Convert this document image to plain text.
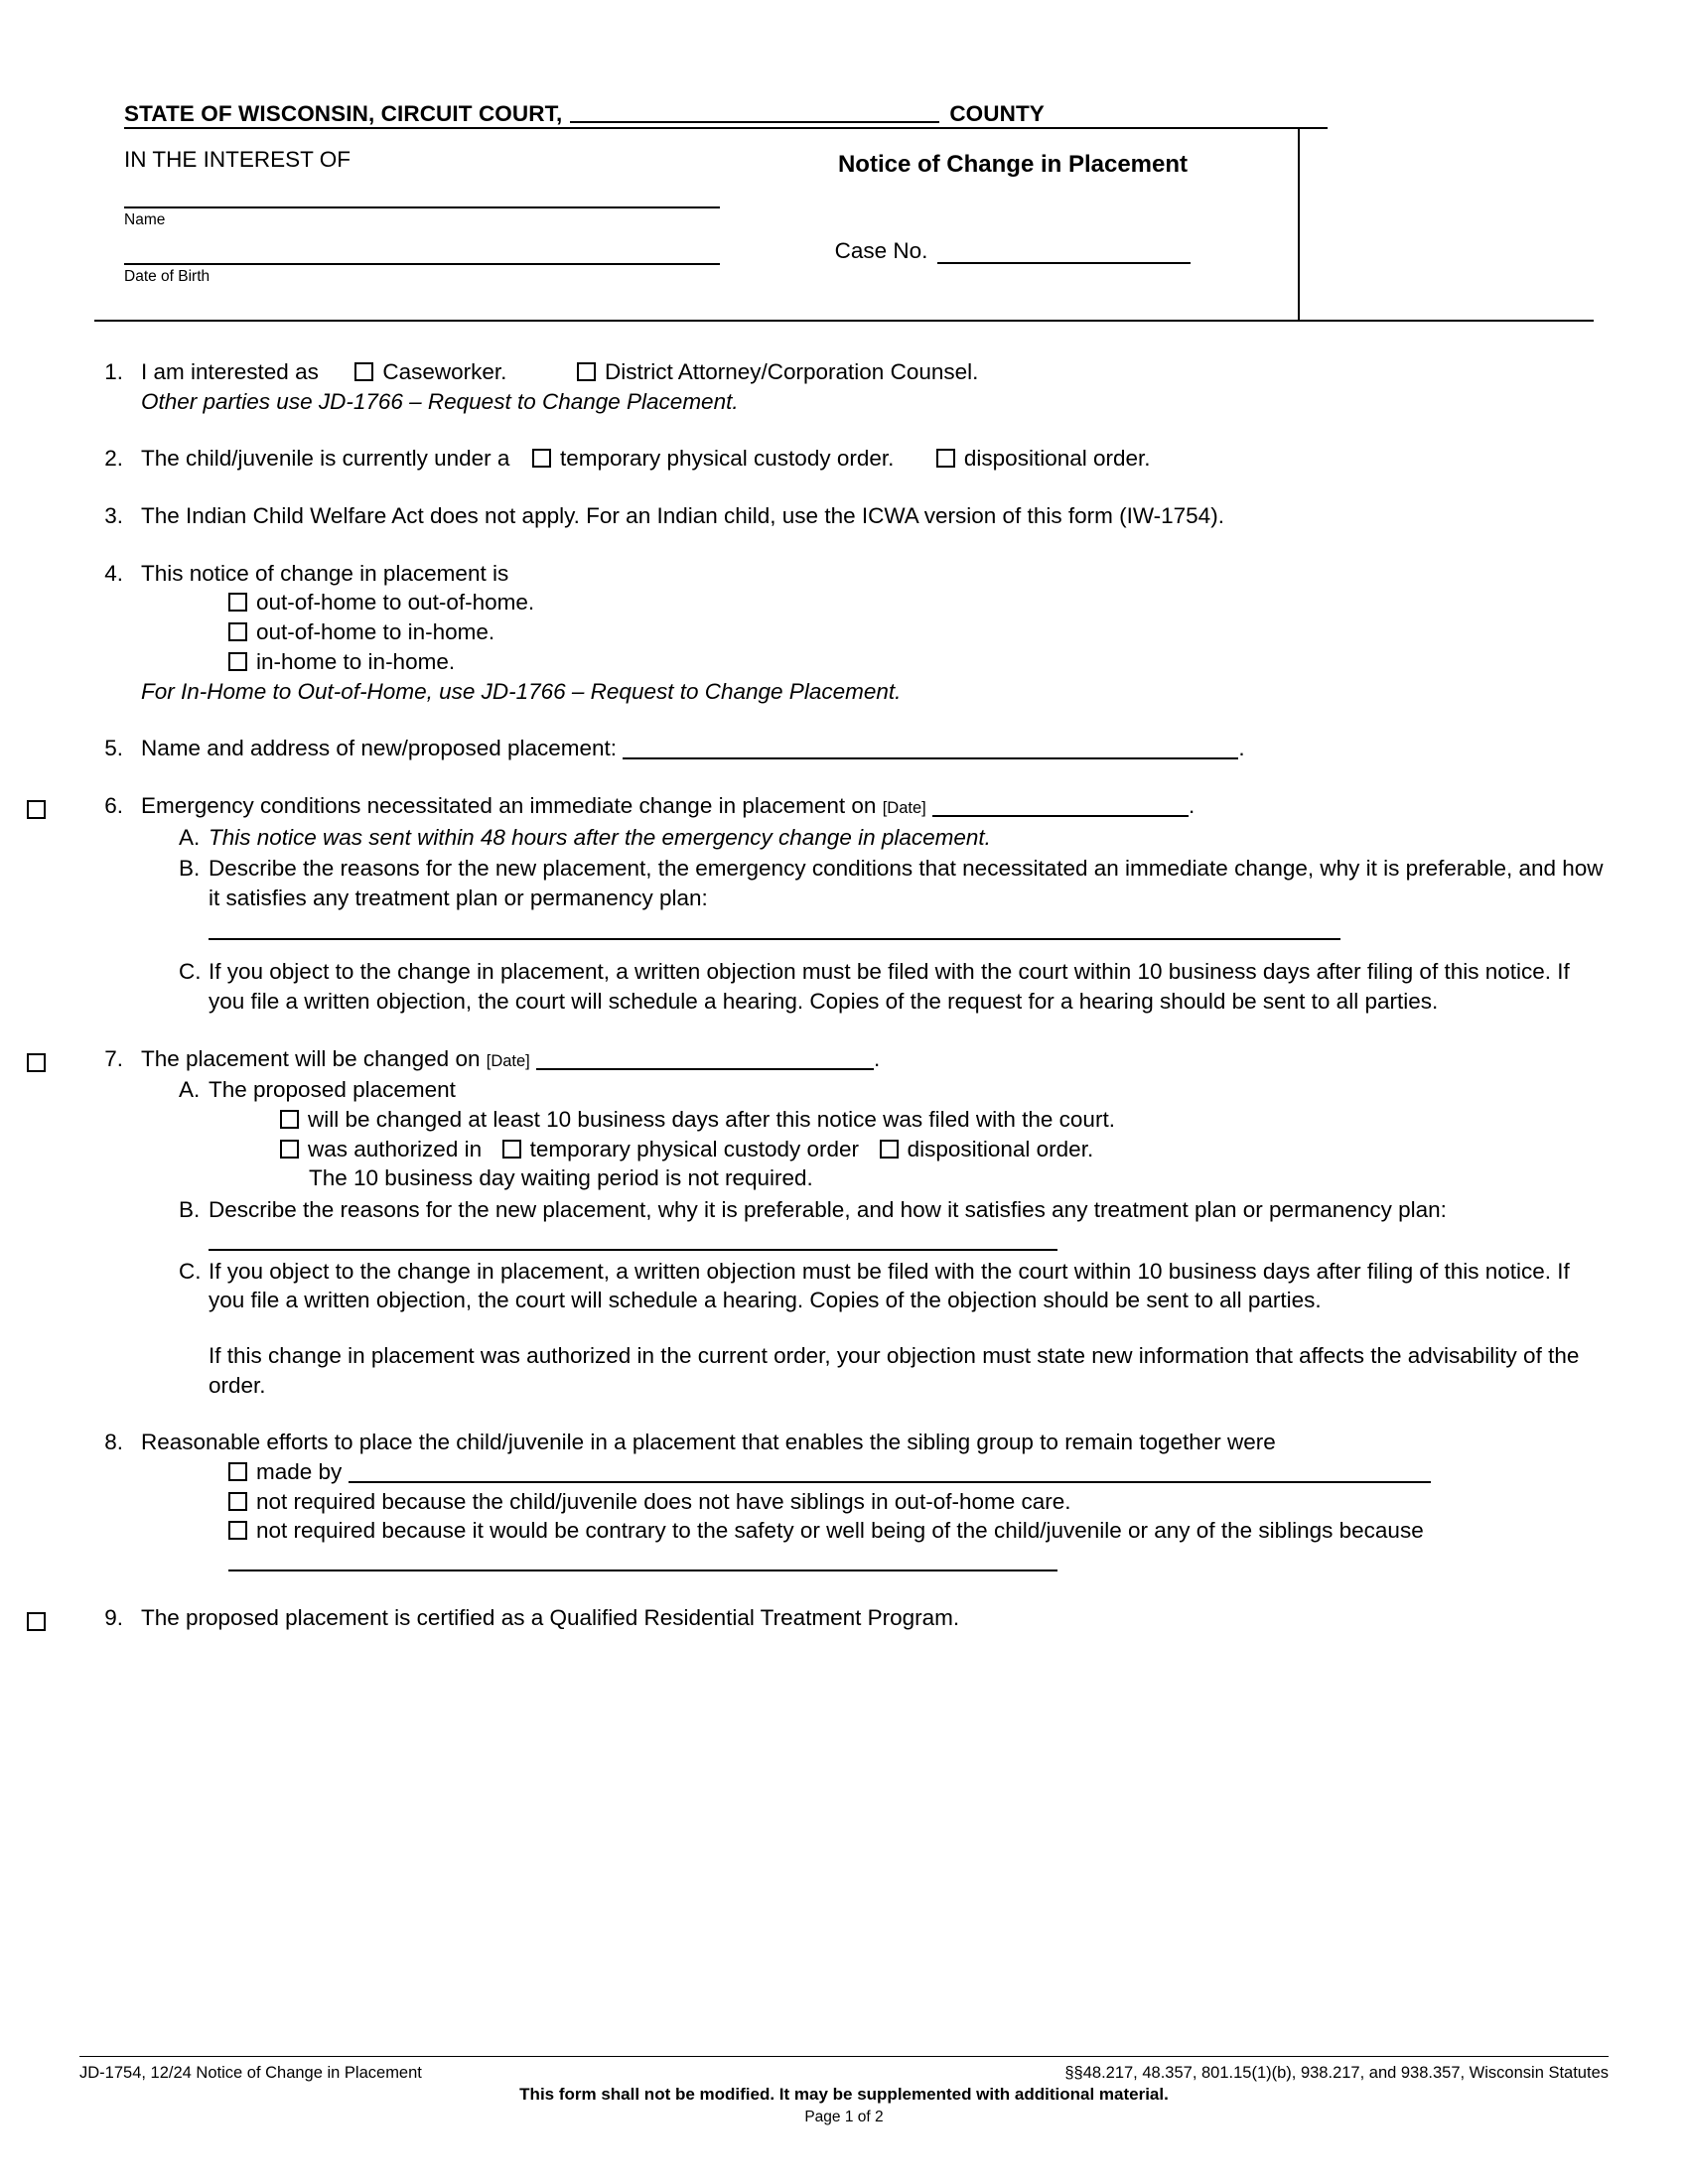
STATE OF WISCONSIN, CIRCUIT COURT,	COUNTY
IN THE INTEREST OF
Name
Date of Birth
Notice of Change in Placement
Case No.
1. I am interested as	Caseworker.	District Attorney/Corporation Counsel.
Other parties use JD-1766 – Request to Change Placement.
2. The child/juvenile is currently under a temporary physical custody order.	dispositional order.
3. The Indian Child Welfare Act does not apply. For an Indian child, use the ICWA version of this form (IW-1754).
4. This notice of change in placement is
out-of-home to out-of-home.
out-of-home to in-home.
in-home to in-home.
For In-Home to Out-of-Home, use JD-1766 – Request to Change Placement.
5. Name and address of new/proposed placement:	.
6. Emergency conditions necessitated an immediate change in placement on [Date]	.
A. This notice was sent within 48 hours after the emergency change in placement.
B. Describe the reasons for the new placement, the emergency conditions that necessitated an immediate change, why it is preferable, and how it satisfies any treatment plan or permanency plan:
C. If you object to the change in placement, a written objection must be filed with the court within 10 business days after filing of this notice. If you file a written objection, the court will schedule a hearing. Copies of the request for a hearing should be sent to all parties.
7. The placement will be changed on [Date]	.
A. The proposed placement
will be changed at least 10 business days after this notice was filed with the court.
was authorized in temporary physical custody order dispositional order.
The 10 business day waiting period is not required.
B. Describe the reasons for the new placement, why it is preferable, and how it satisfies any treatment plan or permanency plan:
C. If you object to the change in placement, a written objection must be filed with the court within 10 business days after filing of this notice. If you file a written objection, the court will schedule a hearing. Copies of the objection should be sent to all parties.
If this change in placement was authorized in the current order, your objection must state new information that affects the advisability of the order.
8. Reasonable efforts to place the child/juvenile in a placement that enables the sibling group to remain together were
made by
not required because the child/juvenile does not have siblings in out-of-home care.
not required because it would be contrary to the safety or well being of the child/juvenile or any of the siblings because
9. The proposed placement is certified as a Qualified Residential Treatment Program.
JD-1754, 12/24 Notice of Change in Placement	§§48.217, 48.357, 801.15(1)(b), 938.217, and 938.357, Wisconsin Statutes
This form shall not be modified. It may be supplemented with additional material.
Page 1 of 2
